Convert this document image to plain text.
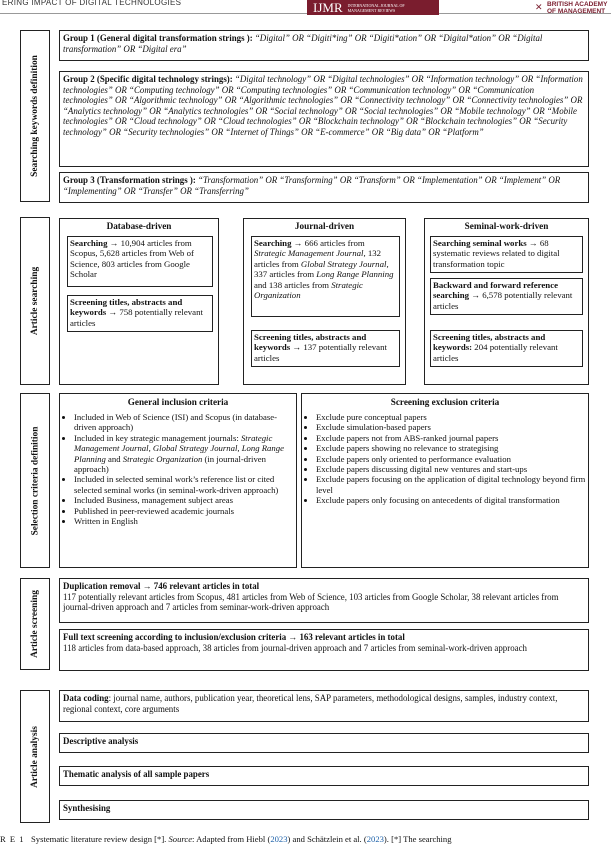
ERING IMPACT OF DIGITAL TECHNOLOGIES	IJMR INTERNATIONAL JOURNAL OF MANAGEMENT REVIEWS	✕ BRITISH ACADEMY
OF MANAGEMENT
Searching keywords definition
Group 1 (General digital transformation strings ): “Digital” OR “Digiti*ing” OR “Digiti*ation” OR “Digital*ation” OR “Digital transformation” OR “Digital era”
Group 2 (Specific digital technology strings): “Digital technology” OR “Digital technologies” OR “Information technology” OR “Information technologies” OR “Computing technology” OR “Computing technologies” OR “Communication technology” OR “Communication technologies” OR “Algorithmic technology” OR “Algorithmic technologies” OR “Connectivity technology” OR “Connectivity technologies” OR “Analytics technology” OR “Analytics technologies” OR “Social technology” OR “Social technologies” OR “Mobile technology” OR “Mobile technologies” OR “Cloud technology” OR “Cloud technologies” OR “Blockchain technology” OR “Blockchain technologies” OR “Security technology” OR “Security technologies” OR “Internet of Things” OR “E-commerce” OR “Big data” OR “Platform”
Group 3 (Transformation strings ): “Transformation” OR “Transforming” OR “Transform” OR “Implementation” OR “Implement” OR “Implementing” OR “Transfer” OR “Transferring”
Article searching
Database-driven
Searching → 10,904 articles from Scopus, 5,628 articles from Web of Science, 803 articles from Google Scholar
Screening titles, abstracts and keywords → 758 potentially relevant articles
Journal-driven
Searching → 666 articles from Strategic Management Journal, 132 articles from Global Strategy Journal, 337 articles from Long Range Planning and 138 articles from Strategic Organization
Screening titles, abstracts and keywords → 137 potentially relevant articles
Seminal-work-driven
Searching seminal works → 68 systematic reviews related to digital transformation topic
Backward and forward reference searching → 6,578 potentially relevant articles
Screening titles, abstracts and keywords: 204 potentially relevant articles
Selection criteria definition
General inclusion criteria
• Included in Web of Science (ISI) and Scopus (in database-driven approach)
• Included in key strategic management journals: Strategic Management Journal, Global Strategy Journal, Long Range Planning and Strategic Organization (in journal-driven approach)
• Included in selected seminal work’s reference list or cited selected seminal works (in seminal-work-driven approach)
• Included Business, management subject areas
• Published in peer-reviewed academic journals
• Written in English
Screening exclusion criteria
• Exclude pure conceptual papers
• Exclude simulation-based papers
• Exclude papers not from ABS-ranked journal papers
• Exclude papers showing no relevance to strategising
• Exclude papers only oriented to performance evaluation
• Exclude papers discussing digital new ventures and start-ups
• Exclude papers focusing on the application of digital technology beyond firm level
• Exclude papers only focusing on antecedents of digital transformation
Article screening
Duplication removal → 746 relevant articles in total
117 potentially relevant articles from Scopus, 481 articles from Web of Science, 103 articles from Google Scholar, 38 relevant articles from journal-driven approach and 7 articles from seminar-work-driven approach
Full text screening according to inclusion/exclusion criteria → 163 relevant articles in total
118 articles from data-based approach, 38 articles from journal-driven approach and 7 articles from seminal-work-driven approach
Article analysis
Data coding: journal name, authors, publication year, theoretical lens, SAP parameters, methodological designs, samples, industry context, regional context, core arguments
Descriptive analysis
Thematic analysis of all sample papers
Synthesising
R E 1   Systematic literature review design [*]. Source: Adapted from Hiebl (2023) and Schätzlein et al. (2023). [*] The searching
